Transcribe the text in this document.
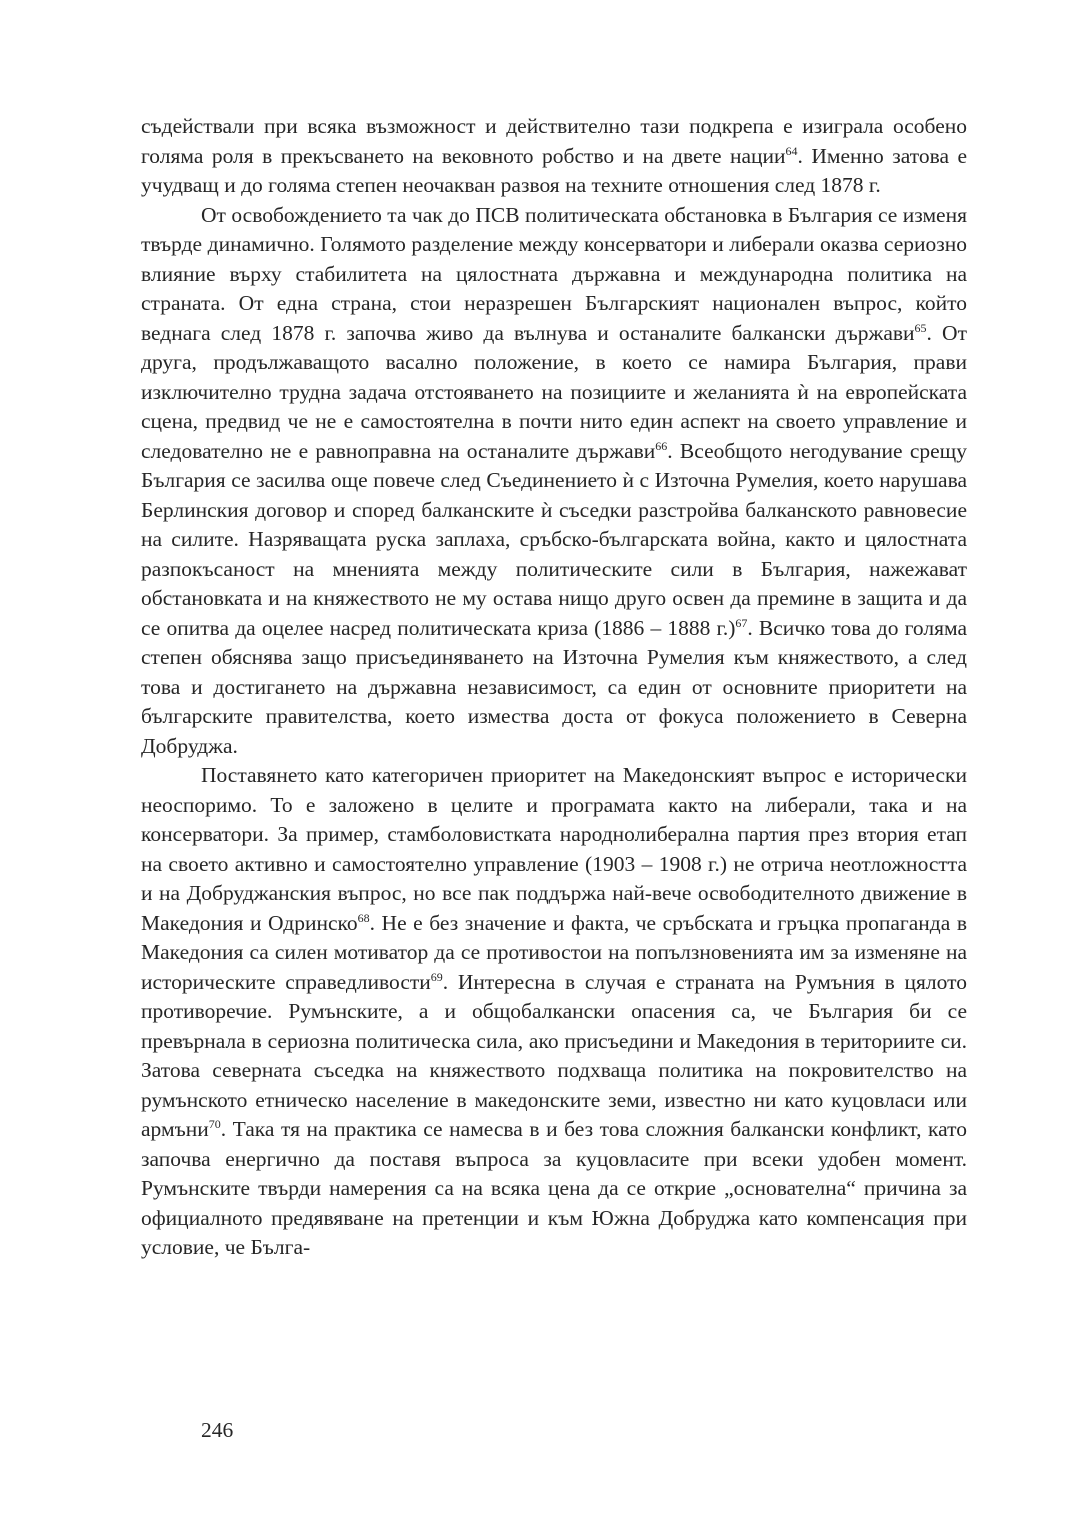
съдействали при всяка възможност и действително тази подкрепа е изиграла особено голяма роля в прекъсването на вековното робство и на двете нации$^{64}$. Именно затова е учудващ и до голяма степен неочакван развоя на техните отношения след 1878 г.

От освобождението та чак до ПСВ политическата обстановка в България се изменя твърде динамично. Голямото разделение между консерватори и либерали оказва сериозно влияние върху стабилитета на цялостната държавна и международна политика на страната. От една страна, стои неразрешен Българският национален въпрос, който веднага след 1878 г. започва живо да вълнува и останалите балкански държави$^{65}$. От друга, продължаващото васално положение, в което се намира България, прави изключително трудна задача отстояването на позициите и желанията ѝ на европейската сцена, предвид че не е самостоятелна в почти нито един аспект на своето управление и следователно не е равноправна на останалите държави$^{66}$. Всеобщото негодувание срещу България се засилва още повече след Съединението ѝ с Източна Румелия, което нарушава Берлинския договор и според балканските ѝ съседки разстройва балканското равновесие на силите. Назряващата руска заплаха, сръбско-българската война, както и цялостната разпокъсаност на мненията между политическите сили в България, нажежават обстановката и на княжеството не му остава нищо друго освен да премине в защита и да се опитва да оцелее насред политическата криза (1886 – 1888 г.)$^{67}$. Всичко това до голяма степен обяснява защо присъединяването на Източна Румелия към княжеството, а след това и достигането на държавна независимост, са един от основните приоритети на българските правителства, което измества доста от фокуса положението в Северна Добруджа.

Поставянето като категоричен приоритет на Македонският въпрос е исторически неоспоримо. То е заложено в целите и програмата както на либерали, така и на консерватори. За пример, стамболовистката народнолиберална партия през втория етап на своето активно и самостоятелно управление (1903 – 1908 г.) не отрича неотложността и на Добруджанския въпрос, но все пак поддържа най-вече освободителното движение в Македония и Одринско$^{68}$. Не е без значение и факта, че сръбската и гръцка пропаганда в Македония са силен мотиватор да се противостои на попълзновенията им за изменяне на историческите справедливости$^{69}$. Интересна в случая е страната на Румъния в цялото противоречие. Румънските, а и общобалкански опасения са, че България би се превърнала в сериозна политическа сила, ако присъедини и Македония в териториите си. Затова северната съседка на княжеството подхваща политика на покровителство на румънското етническо население в македонските земи, известно ни като куцовласи или армъни$^{70}$. Така тя на практика се намесва в и без това сложния балкански конфликт, като започва енергично да поставя въпроса за куцовласите при всеки удобен момент. Румънските твърди намерения са на всяка цена да се открие „основателна“ причина за официалното предявяване на претенции и към Южна Добруджа като компенсация при условие, че Бълга-

246
